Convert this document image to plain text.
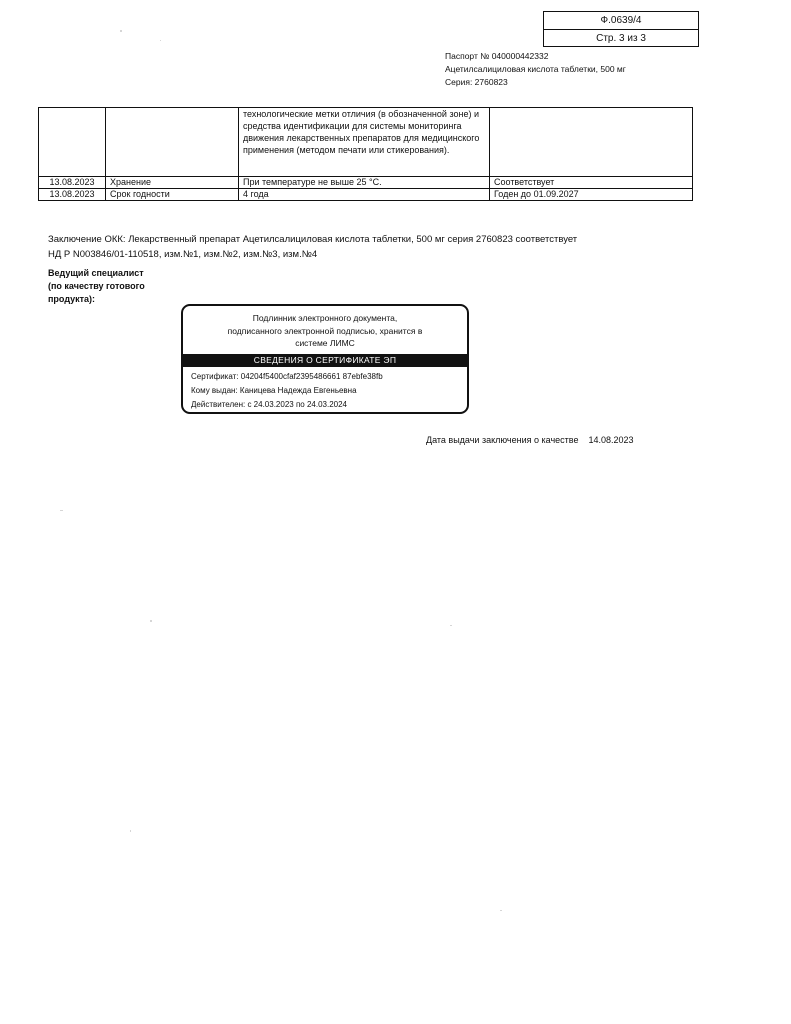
Ф.0639/4
Стр. 3 из 3
Паспорт № 040000442332
Ацетилсалициловая кислота таблетки, 500 мг
Серия: 2760823
		технологические метки отличия (в обозначенной зоне) и средства идентификации для системы мониторинга движения лекарственных препаратов для медицинского применения (методом печати или стикерования).	
13.08.2023	Хранение	При температуре не выше 25 °С.	Соответствует
13.08.2023	Срок годности	4 года	Годен до 01.09.2027
Заключение ОКК: Лекарственный препарат Ацетилсалициловая кислота таблетки, 500 мг серия 2760823 соответствует НД Р N003846/01-110518, изм.№1, изм.№2, изм.№3, изм.№4
Ведущий специалист (по качеству готового продукта):
Подлинник электронного документа,
подписанного электронной подписью, хранится в
системе ЛИМС
СВЕДЕНИЯ О СЕРТИФИКАТЕ ЭП
Сертификат: 04204f5400cfaf2395486661 87ebfe38fb
Кому выдан: Каницева Надежда Евгеньевна
Действителен: с 24.03.2023 по 24.03.2024
Дата выдачи заключения о качестве 14.08.2023
